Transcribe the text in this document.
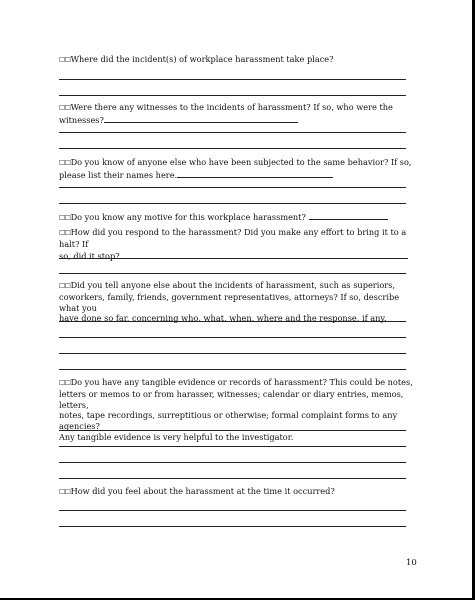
☐☐Where did the incident(s) of workplace harassment take place?
☐☐Were there any witnesses to the incidents of harassment? If so, who were the
witnesses?
☐☐Do you know of anyone else who have been subjected to the same behavior? If so,
please list their names here.
☐☐Do you know any motive for this workplace harassment?
☐☐How did you respond to the harassment? Did you make any effort to bring it to a halt? If
so, did it stop?
☐☐Did you tell anyone else about the incidents of harassment, such as superiors,
coworkers, family, friends, government representatives, attorneys? If so, describe what you
have done so far, concerning who, what, when, where and the response, if any.
☐☐Do you have any tangible evidence or records of harassment? This could be notes,
letters or memos to or from harasser, witnesses; calendar or diary entries, memos, letters,
notes, tape recordings, surreptitious or otherwise; formal complaint forms to any agencies?
Any tangible evidence is very helpful to the investigator.
☐☐How did you feel about the harassment at the time it occurred?
10
